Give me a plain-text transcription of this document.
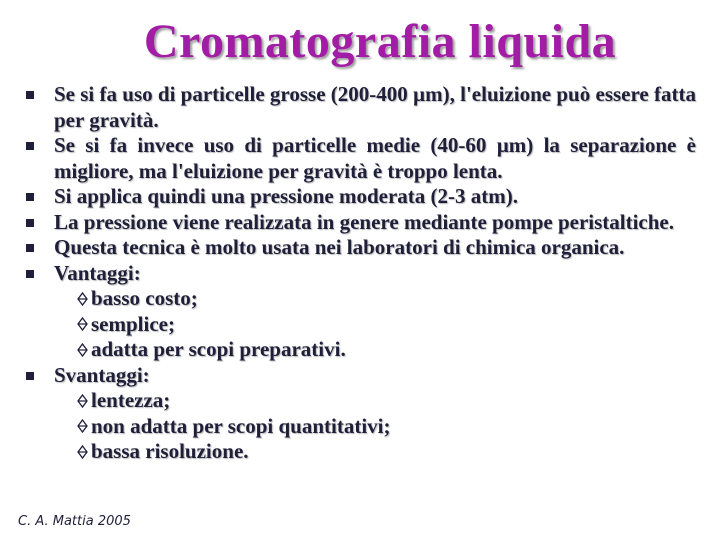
Cromatografia liquida
Se si fa uso di particelle grosse (200-400 µm), l'eluizione può essere fatta per gravità.
Se si fa invece uso di particelle medie (40-60 µm) la separazione è migliore, ma l'eluizione per gravità è troppo lenta.
Si applica quindi una pressione moderata (2-3 atm).
La pressione viene realizzata in genere mediante pompe peristaltiche.
Questa tecnica è molto usata nei laboratori di chimica organica.
Vantaggi:
basso costo;
semplice;
adatta per scopi preparativi.
Svantaggi:
lentezza;
non adatta per scopi quantitativi;
bassa risoluzione.
C. A. Mattia 2005
